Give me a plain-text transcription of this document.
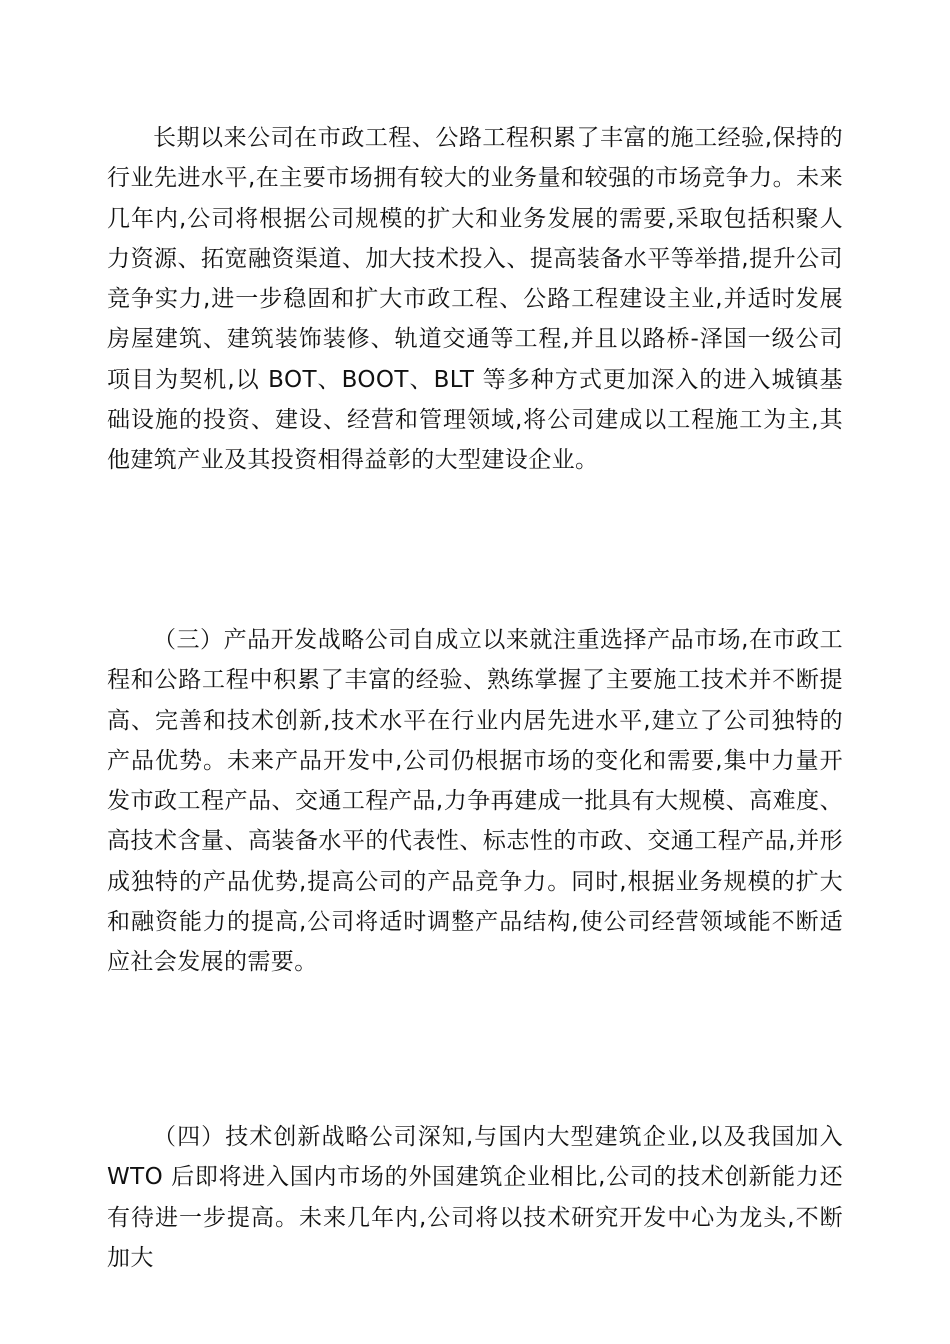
长期以来公司在市政工程、公路工程积累了丰富的施工经验,保持的行业先进水平,在主要市场拥有较大的业务量和较强的市场竞争力。未来几年内,公司将根据公司规模的扩大和业务发展的需要,采取包括积聚人力资源、拓宽融资渠道、加大技术投入、提高装备水平等举措,提升公司竞争实力,进一步稳固和扩大市政工程、公路工程建设主业,并适时发展房屋建筑、建筑装饰装修、轨道交通等工程,并且以路桥-泽国一级公司项目为契机,以 BOT、BOOT、BLT 等多种方式更加深入的进入城镇基础设施的投资、建设、经营和管理领域,将公司建成以工程施工为主,其他建筑产业及其投资相得益彰的大型建设企业。

（三）产品开发战略公司自成立以来就注重选择产品市场,在市政工程和公路工程中积累了丰富的经验、熟练掌握了主要施工技术并不断提高、完善和技术创新,技术水平在行业内居先进水平,建立了公司独特的产品优势。未来产品开发中,公司仍根据市场的变化和需要,集中力量开发市政工程产品、交通工程产品,力争再建成一批具有大规模、高难度、高技术含量、高装备水平的代表性、标志性的市政、交通工程产品,并形成独特的产品优势,提高公司的产品竞争力。同时,根据业务规模的扩大和融资能力的提高,公司将适时调整产品结构,使公司经营领域能不断适应社会发展的需要。

（四）技术创新战略公司深知,与国内大型建筑企业,以及我国加入 WTO 后即将进入国内市场的外国建筑企业相比,公司的技术创新能力还有待进一步提高。未来几年内,公司将以技术研究开发中心为龙头,不断加大
